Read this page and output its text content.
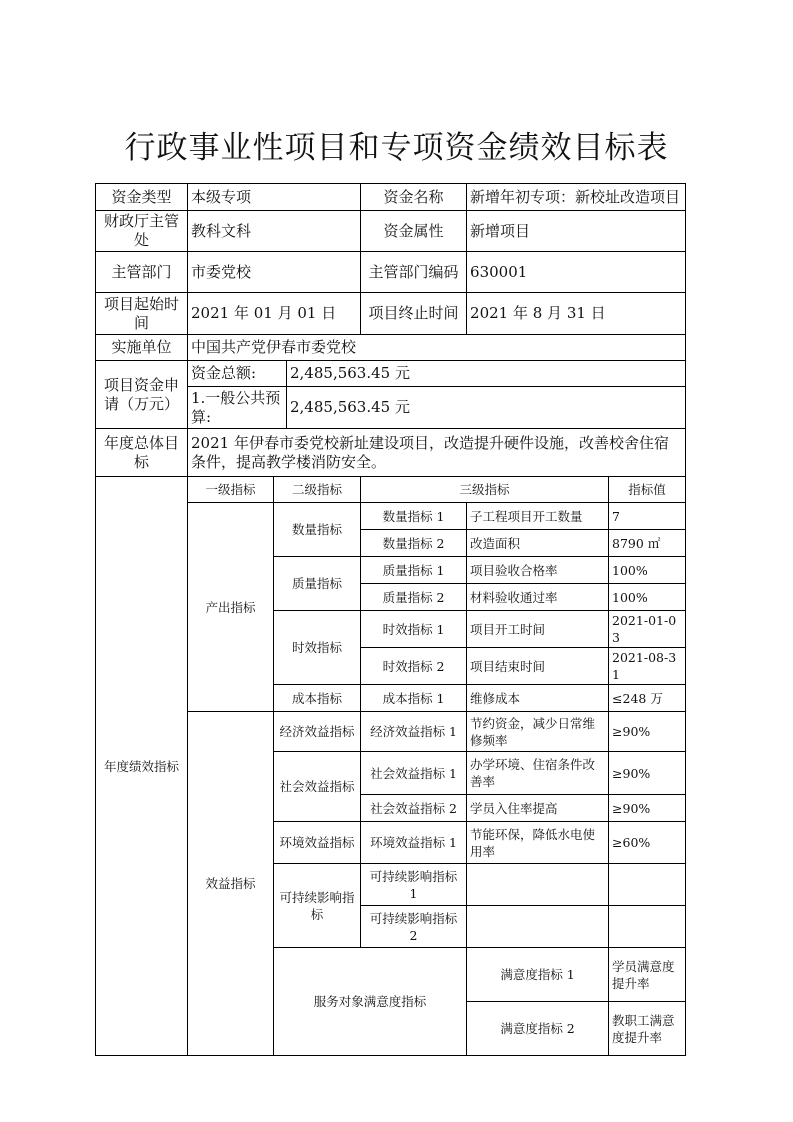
行政事业性项目和专项资金绩效目标表
资金类型	本级专项			资金名称	新增年初专项：新校址改造项目		
财政厅主管处	教科文科			资金属性	新增项目		
主管部门	市委党校			主管部门编码	630001		
项目起始时间	2021 年 01 月 01 日			项目终止时间	2021 年 8 月 31 日		
实施单位	中国共产党伊春市委党校						
项目资金申请（万元）	资金总额:		2,485,563.45 元				
	1.一般公共预算:		2,485,563.45 元				
年度总体目标	2021 年伊春市委党校新址建设项目，改造提升硬件设施，改善校舍住宿条件，提高教学楼消防安全。						
年度绩效指标	一级指标	二级指标		三级指标		指标值	
	产出指标	数量指标		数量指标 1	子工程项目开工数量	7	
				数量指标 2	改造面积	8790 ㎡	
		质量指标		质量指标 1	项目验收合格率	100%	
				质量指标 2	材料验收通过率	100%	
		时效指标		时效指标 1	项目开工时间	2021-01-03	
				时效指标 2	项目结束时间	2021-08-31	
		成本指标		成本指标 1	维修成本	≤248 万	
	效益指标	经济效益指标		经济效益指标 1	节约资金，减少日常维修频率	≥90%	
		社会效益指标		社会效益指标 1	办学环境、住宿条件改善率	≥90%	
				社会效益指标 2	学员入住率提高	≥90%	
		环境效益指标		环境效益指标 1	节能环保，降低水电使用率	≥60%	
		可持续影响指标		可持续影响指标 1			
				可持续影响指标 2			
		服务对象满意度指标			满意度指标 1	学员满意度提升率	
					满意度指标 2	教职工满意度提升率	
